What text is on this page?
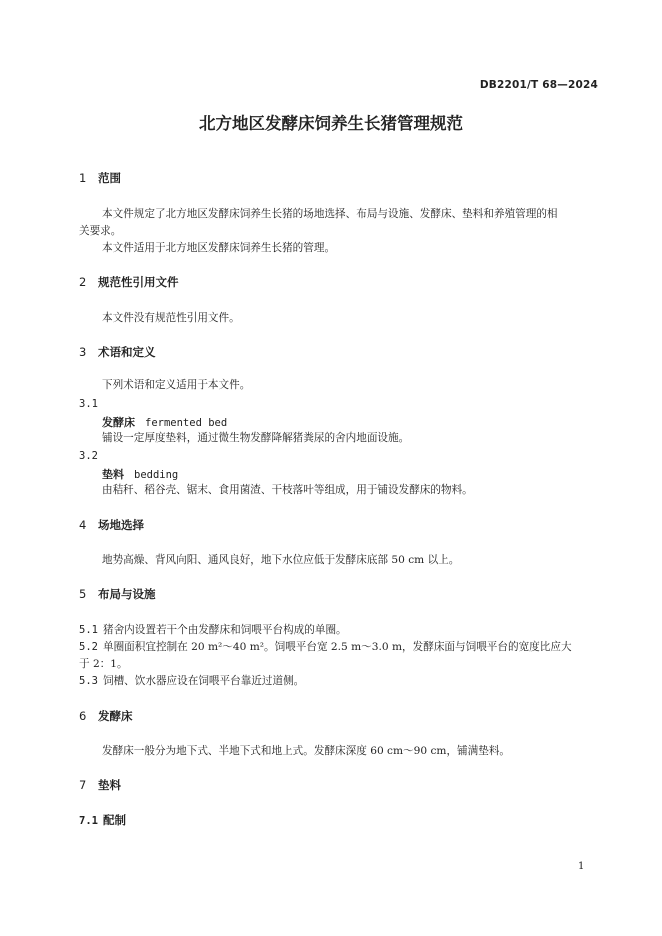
DB2201/T 68—2024
北方地区发酵床饲养生长猪管理规范
1 范围
本文件规定了北方地区发酵床饲养生长猪的场地选择、布局与设施、发酵床、垫料和养殖管理的相
关要求。
本文件适用于北方地区发酵床饲养生长猪的管理。
2 规范性引用文件
本文件没有规范性引用文件。
3 术语和定义
下列术语和定义适用于本文件。
3.1
发酵床 fermented bed
铺设一定厚度垫料，通过微生物发酵降解猪粪尿的舍内地面设施。
3.2
垫料 bedding
由秸秆、稻谷壳、锯末、食用菌渣、干枝落叶等组成，用于铺设发酵床的物料。
4 场地选择
地势高燥、背风向阳、通风良好，地下水位应低于发酵床底部 50 cm 以上。
5 布局与设施
5.1 猪舍内设置若干个由发酵床和饲喂平台构成的单圈。
5.2 单圈面积宜控制在 20 m²～40 m²。饲喂平台宽 2.5 m～3.0 m，发酵床面与饲喂平台的宽度比应大
于 2：1。
5.3 饲槽、饮水器应设在饲喂平台靠近过道侧。
6 发酵床
发酵床一般分为地下式、半地下式和地上式。发酵床深度 60 cm～90 cm，铺满垫料。
7 垫料
7.1 配制
1
